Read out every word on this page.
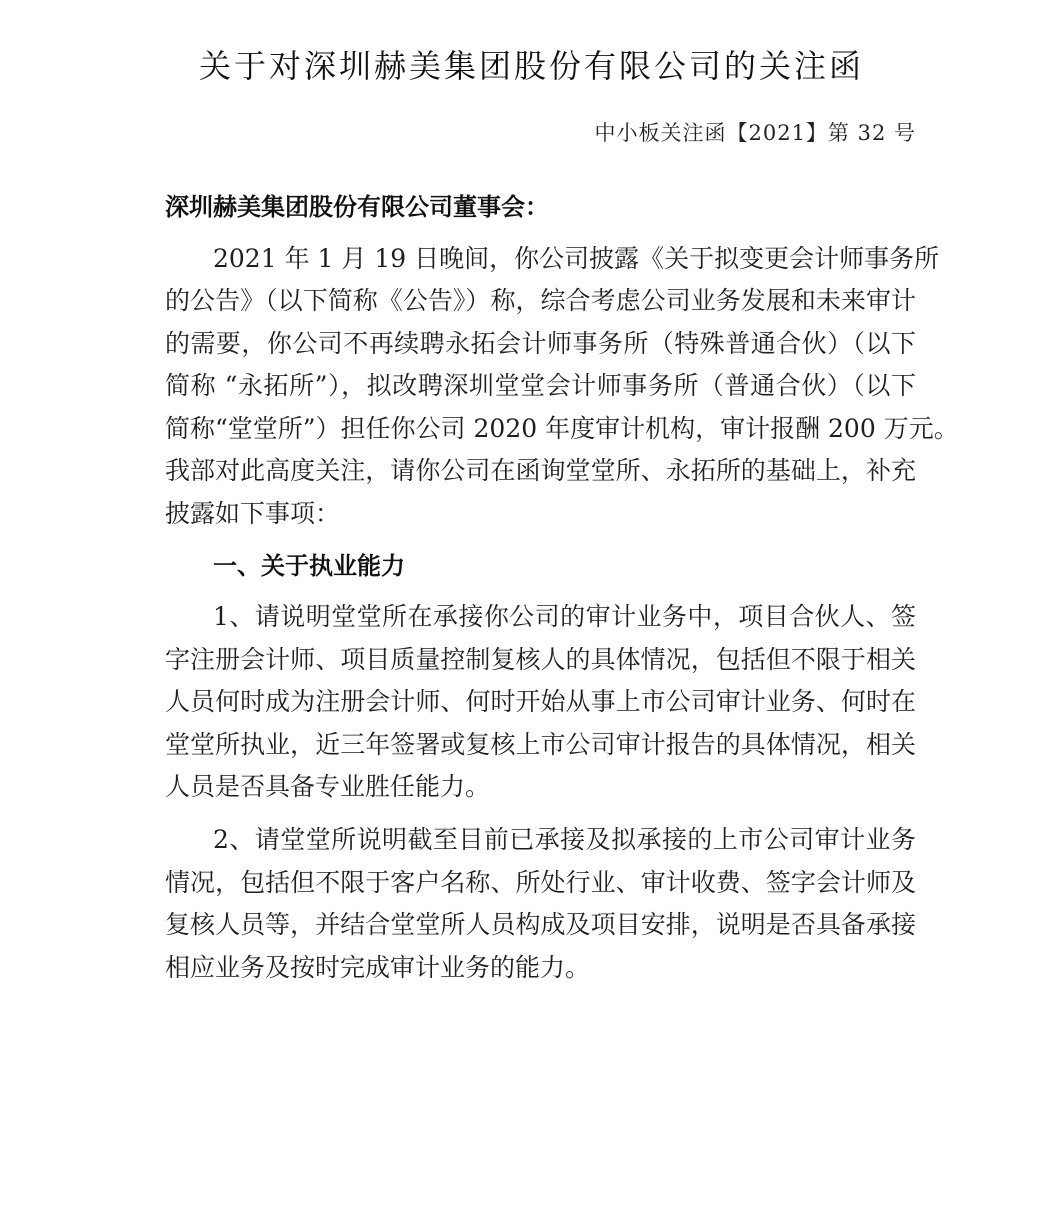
关于对深圳赫美集团股份有限公司的关注函
中小板关注函【2021】第 32 号
深圳赫美集团股份有限公司董事会：
2021 年 1 月 19 日晚间，你公司披露《关于拟变更会计师事务所
的公告》（以下简称《公告》）称，综合考虑公司业务发展和未来审计
的需要，你公司不再续聘永拓会计师事务所（特殊普通合伙）（以下
简称 “永拓所”），拟改聘深圳堂堂会计师事务所（普通合伙）（以下
简称“堂堂所”）担任你公司 2020 年度审计机构，审计报酬 200 万元。
我部对此高度关注，请你公司在函询堂堂所、永拓所的基础上，补充
披露如下事项：
一、关于执业能力
1、请说明堂堂所在承接你公司的审计业务中，项目合伙人、签
字注册会计师、项目质量控制复核人的具体情况，包括但不限于相关
人员何时成为注册会计师、何时开始从事上市公司审计业务、何时在
堂堂所执业，近三年签署或复核上市公司审计报告的具体情况，相关
人员是否具备专业胜任能力。
2、请堂堂所说明截至目前已承接及拟承接的上市公司审计业务
情况，包括但不限于客户名称、所处行业、审计收费、签字会计师及
复核人员等，并结合堂堂所人员构成及项目安排，说明是否具备承接
相应业务及按时完成审计业务的能力。
